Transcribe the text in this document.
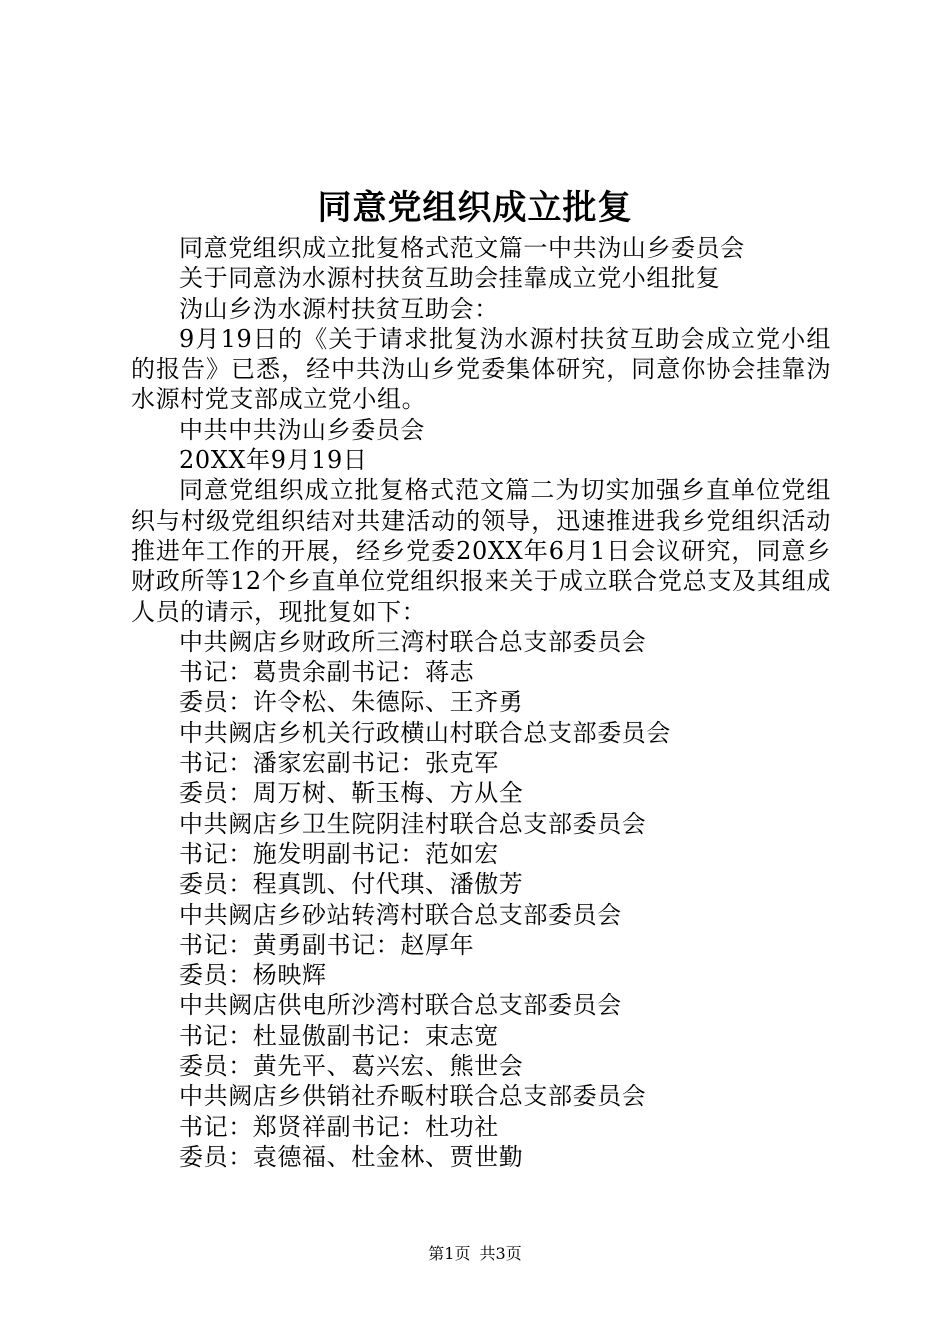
同意党组织成立批复

同意党组织成立批复格式范文篇一中共沩山乡委员会

关于同意沩水源村扶贫互助会挂靠成立党小组批复

沩山乡沩水源村扶贫互助会：

9月19日的《关于请求批复沩水源村扶贫互助会成立党小组的报告》已悉，经中共沩山乡党委集体研究，同意你协会挂靠沩水源村党支部成立党小组。

中共中共沩山乡委员会

20XX年9月19日

同意党组织成立批复格式范文篇二为切实加强乡直单位党组织与村级党组织结对共建活动的领导，迅速推进我乡党组织活动推进年工作的开展，经乡党委20XX年6月1日会议研究，同意乡财政所等12个乡直单位党组织报来关于成立联合党总支及其组成人员的请示，现批复如下：

中共阙店乡财政所三湾村联合总支部委员会

书记：葛贵余副书记：蒋志

委员：许令松、朱德际、王齐勇

中共阙店乡机关行政横山村联合总支部委员会

书记：潘家宏副书记：张克军

委员：周万树、靳玉梅、方从全

中共阙店乡卫生院阴洼村联合总支部委员会

书记：施发明副书记：范如宏

委员：程真凯、付代琪、潘傲芳

中共阙店乡砂站转湾村联合总支部委员会

书记：黄勇副书记：赵厚年

委员：杨映辉

中共阙店供电所沙湾村联合总支部委员会

书记：杜显傲副书记：束志宽

委员：黄先平、葛兴宏、熊世会

中共阙店乡供销社乔畈村联合总支部委员会

书记：郑贤祥副书记：杜功社

委员：袁德福、杜金林、贾世勤

第1页 共3页
